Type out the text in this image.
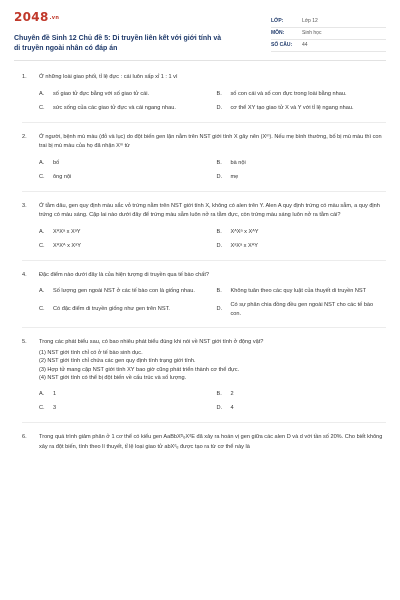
2048.vn
Chuyên đề Sinh 12 Chủ đề 5: Di truyền liên kết với giới tính và di truyền ngoài nhân có đáp án
LỚP:	Lớp 12
MÔN:	Sinh học
SỐ CÂU:	44
1.	Ở những loài giao phối, tỉ lệ đực : cái luôn xấp xỉ 1 : 1 vì
A.	số giao tử đực bằng với số giao tử cái.	B.	số con cái và số con đực trong loài bằng nhau.
C.	sức sống của các giao tử đực và cái ngang nhau.	D.	cơ thể XY tạo giao tử X và Y với tỉ lệ ngang nhau.
2.	Ở người, bệnh mù màu (đỏ và lục) do đột biến gen lặn nằm trên NST giới tính X gây nên (Xᵐ). Nếu mẹ bình thường, bố bị mù màu thì con trai bị mù màu của họ đã nhận Xᵐ từ
A.	bố	B.	bà nội
C.	ông nội	D.	mẹ
3.	Ở tằm dâu, gen quy định màu sắc vỏ trứng nằm trên NST giới tính X, không có alen trên Y. Alen A quy định trứng có màu sẫm, a quy định trứng có màu sáng. Cặp lai nào dưới đây để trứng màu sẫm luôn nở ra tằm đực, còn trứng màu sáng luôn nở ra tằm cái?
A.	XᴬXᵃ x XᵃY	B.	XᴬXᵃ x XᴬY
C.	XᴬXᴬ x XᵃY	D.	XᵃXᵃ x XᴬY
4.	Đặc điểm nào dưới đây là của hiện tượng di truyền qua tế bào chất?
A.	Số lượng gen ngoài NST ở các tế bào con là giống nhau.	B.	Không tuân theo các quy luật của thuyết di truyền NST
C.	Có đặc điểm di truyền giống như gen trên NST.	D.
Có sự phân chia đồng đều gen ngoài NST cho các tế bào con.
5.	Trong các phát biểu sau, có bao nhiêu phát biểu đúng khi nói về NST giới tính ở động vật?
(1) NST giới tính chỉ có ở tế bào sinh dục.
(2) NST giới tính chỉ chứa các gen quy định tính trạng giới tính.
(3) Hợp tử mang cặp NST giới tính XY bao giờ cũng phát triển thành cơ thể đực.
(4) NST giới tính có thể bị đột biến về cấu trúc và số lượng.
A.	1	B.	2
C.	3	D.	4
6.	Trong quá trình giảm phân ở 1 cơ thể có kiểu gen AaBbXᴰₑXᵈE đã xảy ra hoán vị gen giữa các alen D và d với tần số 20%. Cho biết không xảy ra đột biến, tính theo lí thuyết, tỉ lệ loại giao tử abXᵈₑ được tạo ra từ cơ thể này là
